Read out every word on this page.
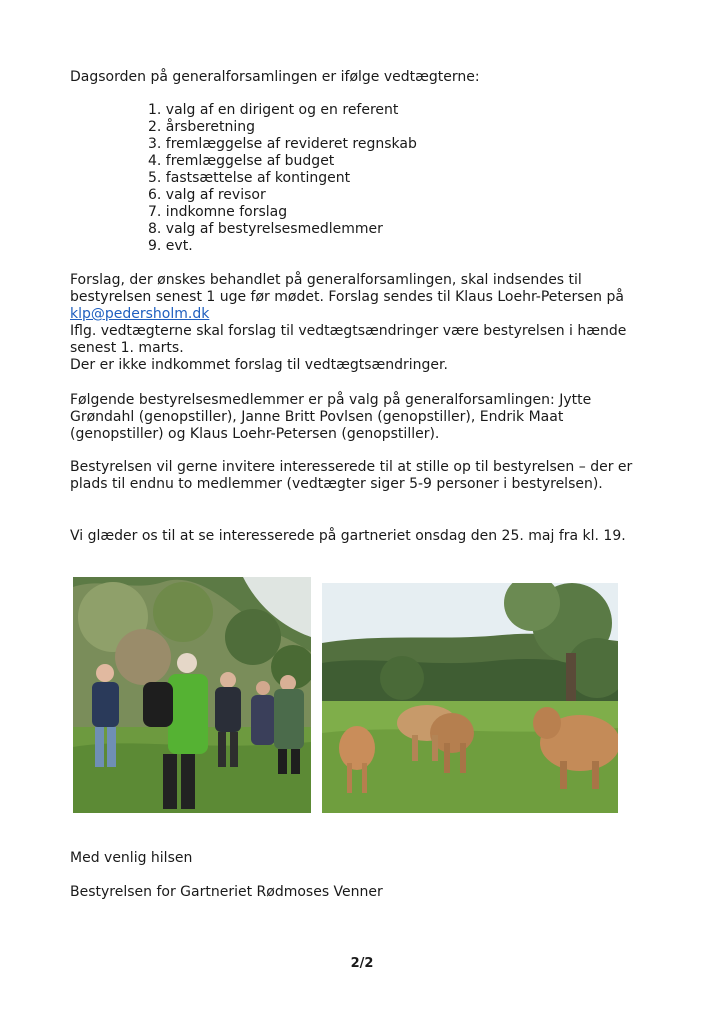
Dagsorden på generalforsamlingen er ifølge vedtægterne:

1. valg af en dirigent og en referent
2. årsberetning
3. fremlæggelse af revideret regnskab
4. fremlæggelse af budget
5. fastsættelse af kontingent
6. valg af revisor
7. indkomne forslag
8. valg af bestyrelsesmedlemmer
9. evt.

Forslag, der ønskes behandlet på generalforsamlingen, skal indsendes til bestyrelsen senest 1 uge før mødet. Forslag sendes til Klaus Loehr-Petersen på klp@pedersholm.dk

Iflg. vedtægterne skal forslag til vedtægtsændringer være bestyrelsen i hænde senest 1. marts.

Der er ikke indkommet forslag til vedtægtsændringer.

Følgende bestyrelsesmedlemmer er på valg på generalforsamlingen: Jytte Grøndahl (genopstiller), Janne Britt Povlsen (genopstiller), Endrik Maat (genopstiller) og Klaus Loehr-Petersen (genopstiller).

Bestyrelsen vil gerne invitere interesserede til at stille op til bestyrelsen – der er plads til endnu to medlemmer (vedtægter siger 5-9 personer i bestyrelsen).

Vi glæder os til at se interesserede på gartneriet onsdag den 25. maj fra kl. 19.

Med venlig hilsen

Bestyrelsen for Gartneriet Rødmoses Venner

2/2
